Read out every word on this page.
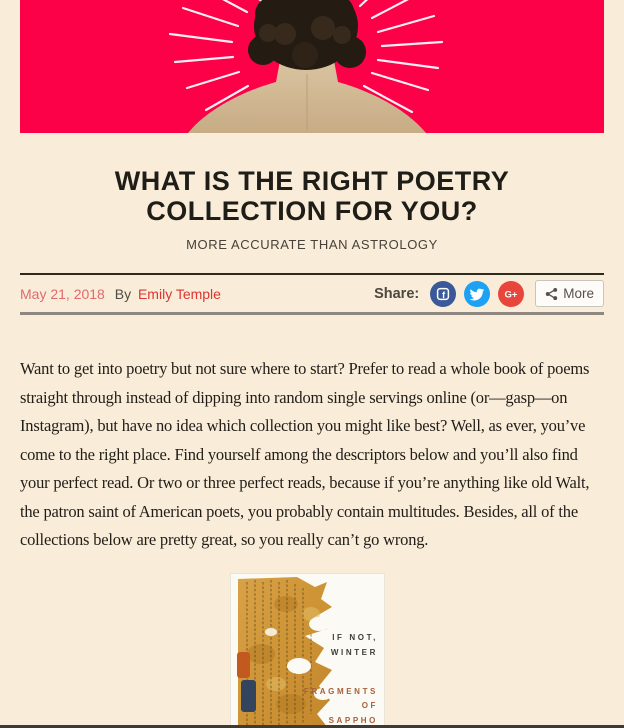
WHAT IS THE RIGHT POETRY
COLLECTION FOR YOU?
MORE ACCURATE THAN ASTROLOGY
May 21, 2018 By Emily Temple	Share: f	G+	More

Want to get into poetry but not sure where to start? Prefer to read a whole book of poems straight through instead of dipping into random single servings online (or—gasp—on Instagram), but have no idea which collection you might like best? Well, as ever, you’ve come to the right place. Find yourself among the descriptors below and you’ll also find your perfect read. Or two or three perfect reads, because if you’re anything like old Walt, the patron saint of American poets, you probably contain multitudes. Besides, all of the collections below are pretty great, so you really can’t go wrong.

IF NOT,
WINTER
FRAGMENTS
OF
SAPPHO
